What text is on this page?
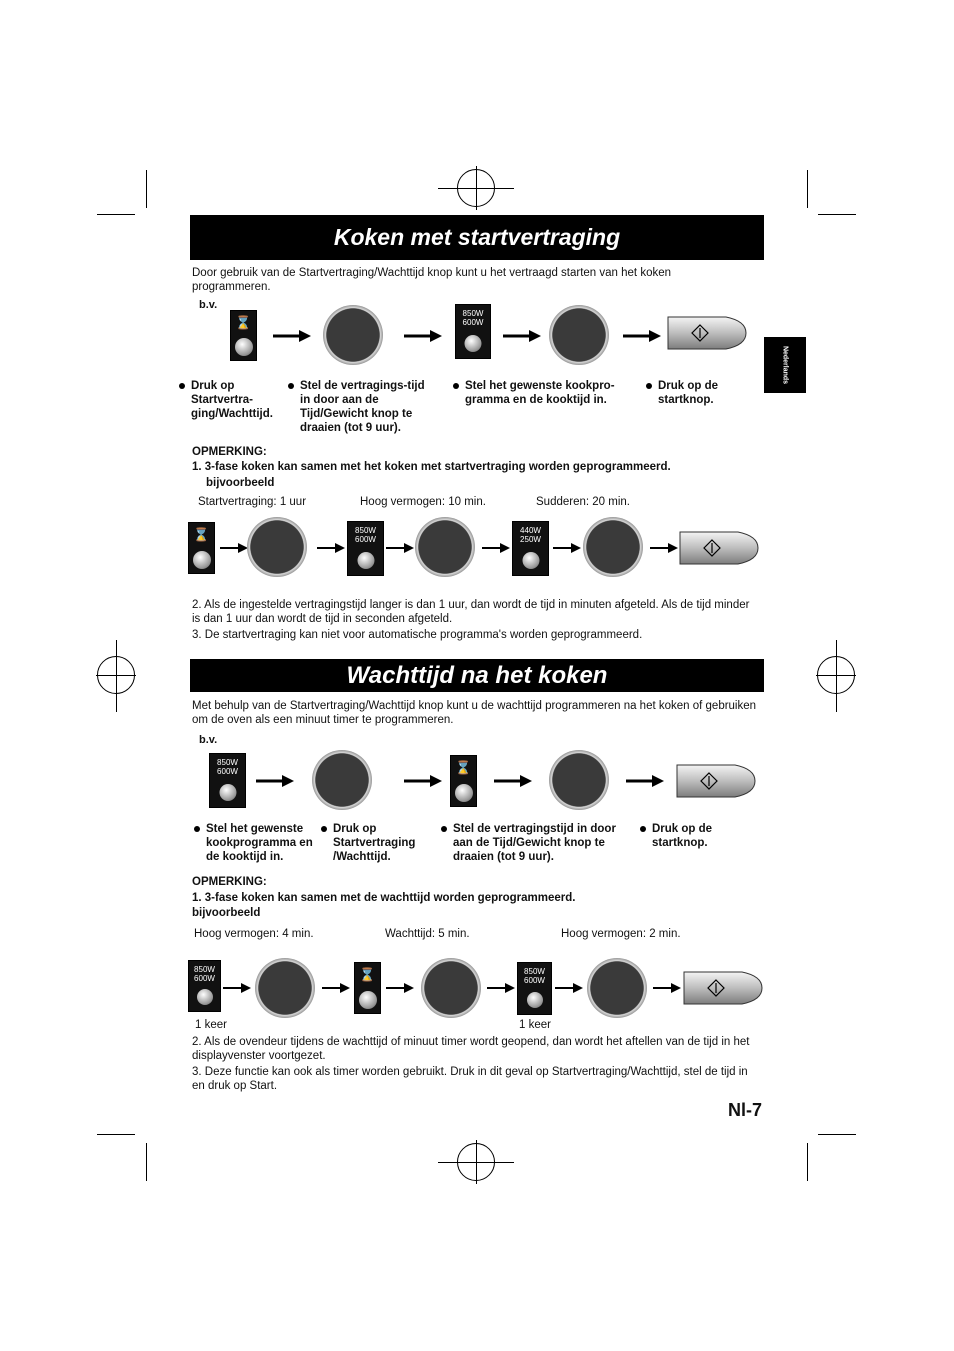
Nederlands
Koken met startvertraging
Door gebruik van de Startvertraging/Wachttijd knop kunt u het vertraagd starten van het koken programmeren.
b.v.
⌛
850W
600W
Druk op Startvertra-ging/Wachttijd.
Stel de vertragings-tijd in door aan de Tijd/Gewicht knop te draaien (tot 9 uur).
Stel het gewenste kookpro-gramma en de kooktijd in.
Druk op de startknop.
OPMERKING:
1. 3-fase koken kan samen met het koken met startvertraging worden geprogrammeerd.
bijvoorbeeld
Startvertraging: 1 uur	Hoog vermogen: 10 min.	Sudderen: 20 min.
⌛	850W
600W
440W
250W
2. Als de ingestelde vertragingstijd langer is dan 1 uur, dan wordt de tijd in minuten afgeteld. Als de tijd minder is dan 1 uur dan wordt de tijd in seconden afgeteld.
3. De startvertraging kan niet voor automatische programma's worden geprogrammeerd.
Wachttijd na het koken
Met behulp van de Startvertraging/Wachttijd knop kunt u de wachttijd programmeren na het koken of gebruiken om de oven als een minuut timer te programmeren.
b.v.
850W
600W	⌛
Stel het gewenste kookprogramma en de kooktijd in.
Druk op Startvertraging /Wachttijd.
Stel de vertragingstijd in door aan de Tijd/Gewicht knop te draaien (tot 9 uur).
Druk op de startknop.
OPMERKING:
1. 3-fase koken kan samen met de wachttijd worden geprogrammeerd.
bijvoorbeeld
Hoog vermogen: 4 min.	Wachttijd: 5 min.	Hoog vermogen: 2 min.
850W
600W	⌛	850W
600W
1 keer	1 keer
2. Als de ovendeur tijdens de wachttijd of minuut timer wordt geopend, dan wordt het aftellen van de tijd in het displayvenster voortgezet.
3. Deze functie kan ook als timer worden gebruikt. Druk in dit geval op Startvertraging/Wachttijd, stel de tijd in en druk op Start.
Nl-7
